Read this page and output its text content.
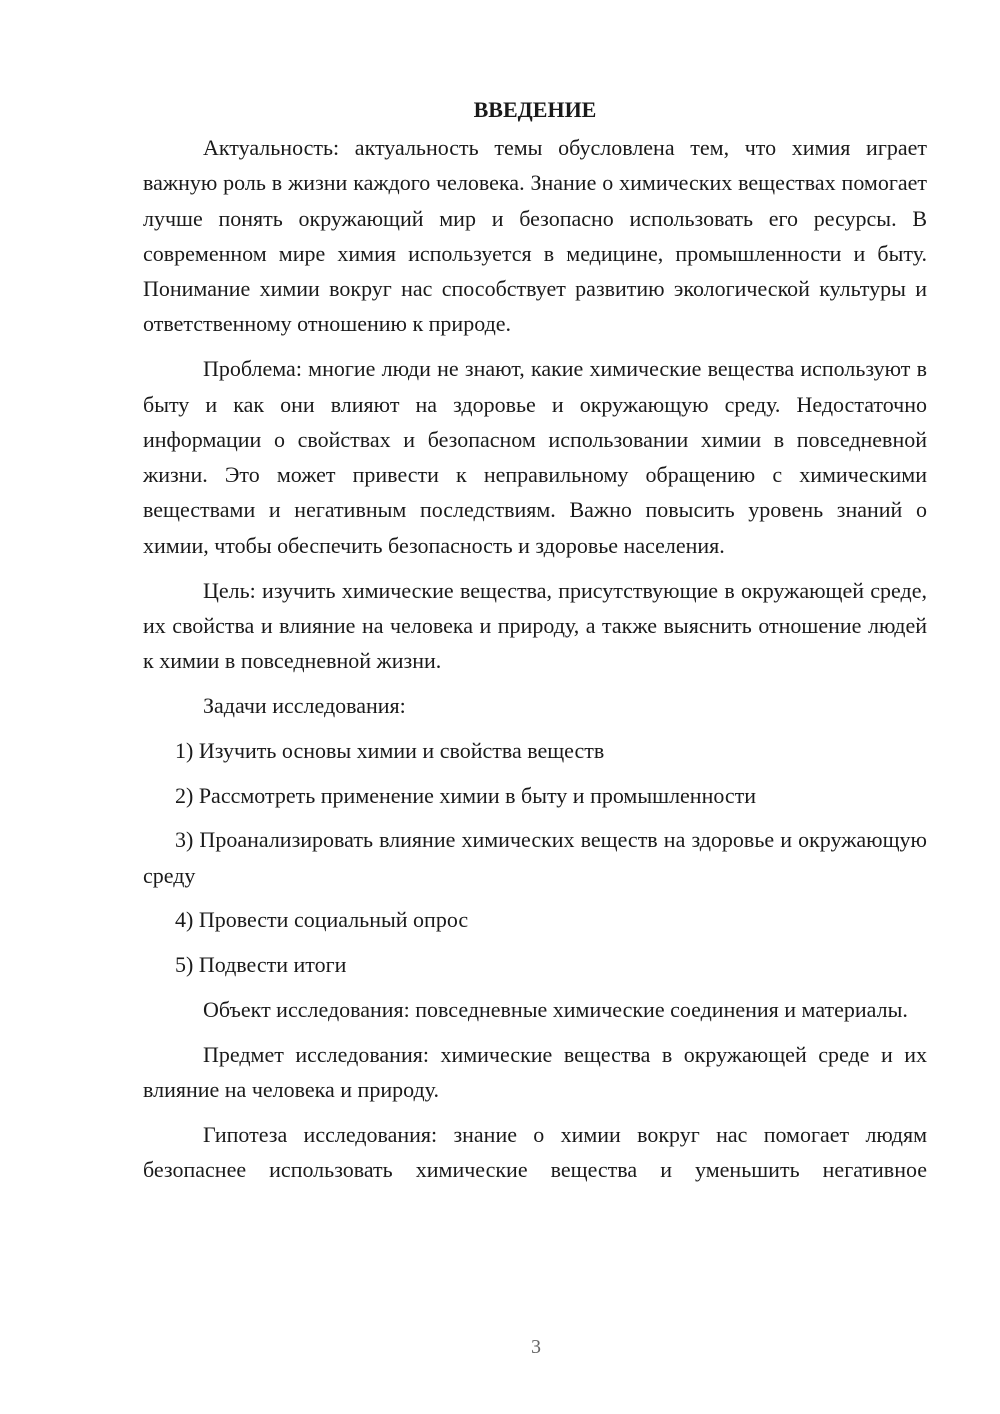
ВВЕДЕНИЕ

Актуальность: актуальность темы обусловлена тем, что химия играет важную роль в жизни каждого человека. Знание о химических веществах помогает лучше понять окружающий мир и безопасно использовать его ресурсы. В современном мире химия используется в медицине, промышленности и быту. Понимание химии вокруг нас способствует развитию экологической культуры и ответственному отношению к природе.

Проблема: многие люди не знают, какие химические вещества используют в быту и как они влияют на здоровье и окружающую среду. Недостаточно информации о свойствах и безопасном использовании химии в повседневной жизни. Это может привести к неправильному обращению с химическими веществами и негативным последствиям. Важно повысить уровень знаний о химии, чтобы обеспечить безопасность и здоровье населения.

Цель: изучить химические вещества, присутствующие в окружающей среде, их свойства и влияние на человека и природу, а также выяснить отношение людей к химии в повседневной жизни.

Задачи исследования:

1) Изучить основы химии и свойства веществ

2) Рассмотреть применение химии в быту и промышленности

3) Проанализировать влияние химических веществ на здоровье и окружающую среду

4) Провести социальный опрос

5) Подвести итоги

Объект исследования: повседневные химические соединения и материалы.

Предмет исследования: химические вещества в окружающей среде и их влияние на человека и природу.

Гипотеза исследования: знание о химии вокруг нас помогает людям безопаснее использовать химические вещества и уменьшить негативное

3
